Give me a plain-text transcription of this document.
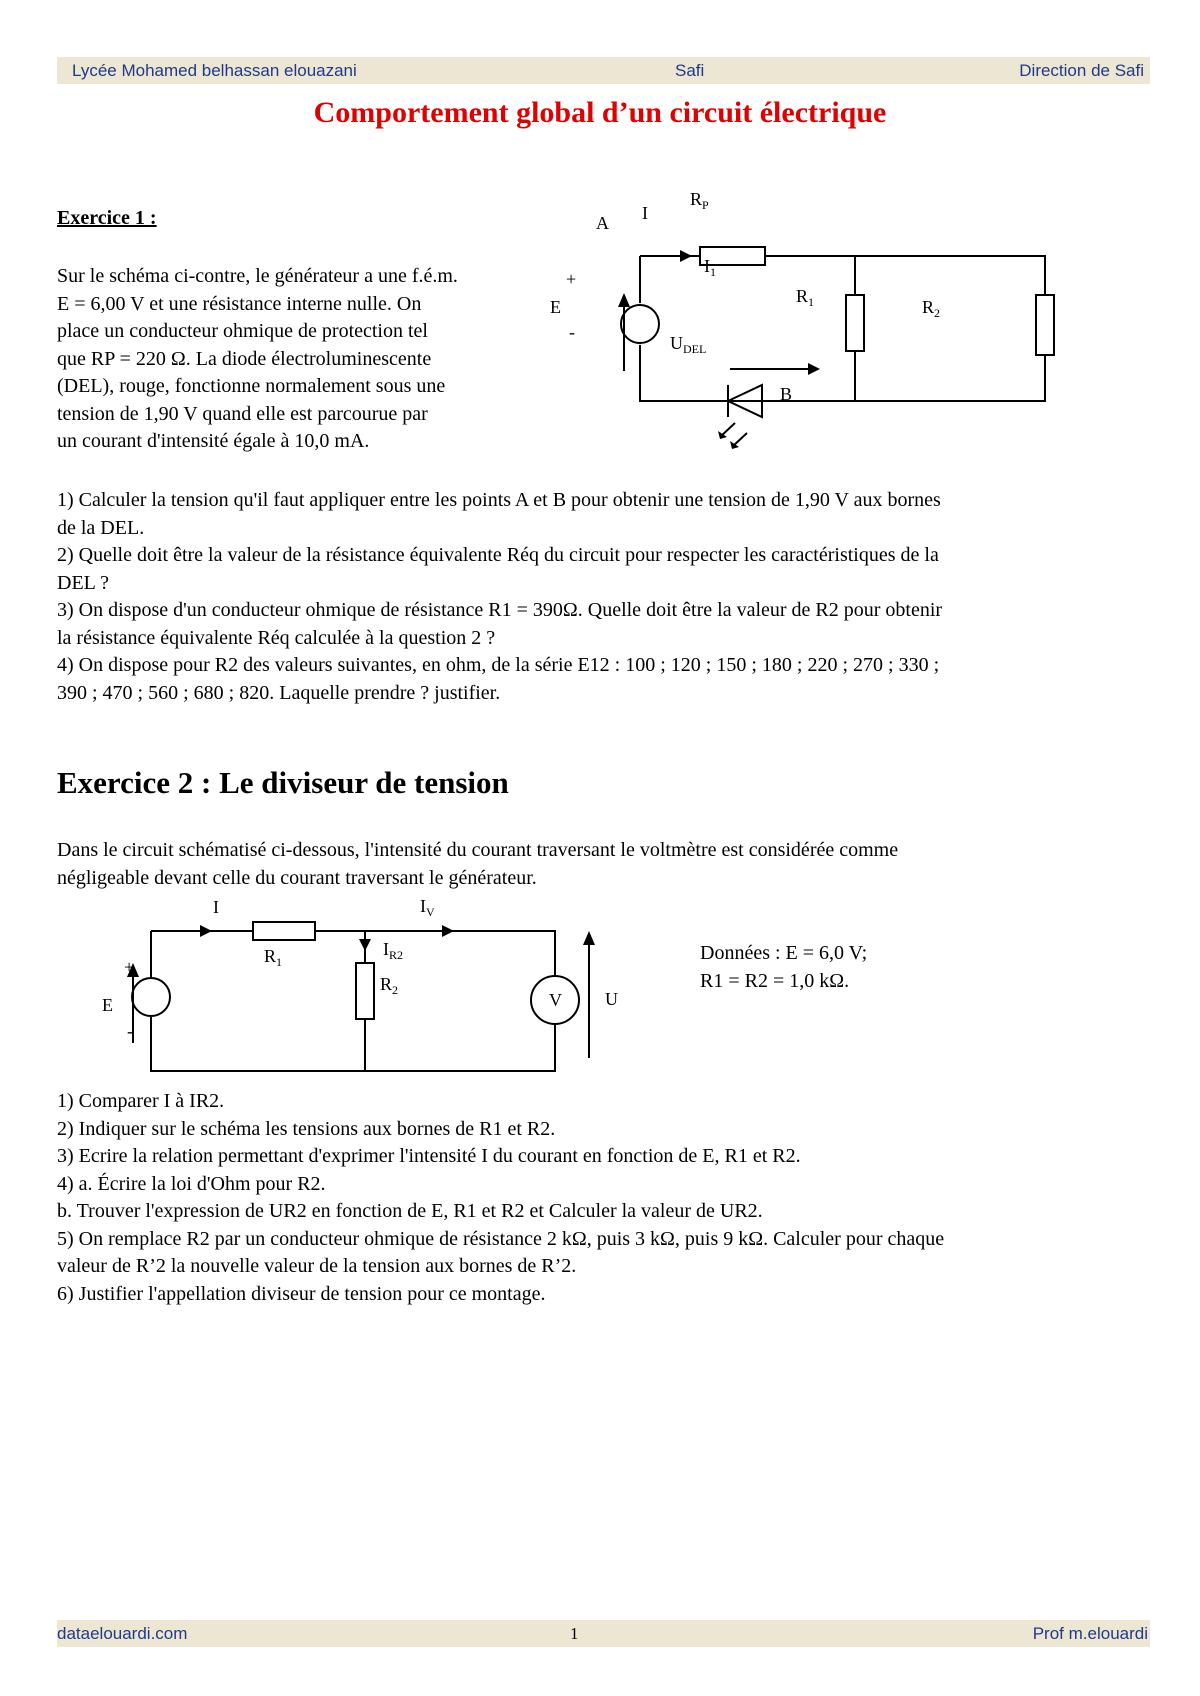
Lycée Mohamed belhassan elouazani	Safi	Direction de Safi
Comportement global d’un circuit électrique
Exercice 1 :
Sur le schéma ci-contre, le générateur a une f.é.m.
E = 6,00 V et une résistance interne nulle. On
place un conducteur ohmique de protection tel
que RP = 220 Ω. La diode électroluminescente
(DEL), rouge, fonctionne normalement sous une
tension de 1,90 V quand elle est parcourue par
un courant d'intensité égale à 10,0 mA.
A
B
I
$R_P$
$I_1$
$R_1$	$R_2$
E
+
-
$U_{DEL}$
1) Calculer la tension qu'il faut appliquer entre les points A et B pour obtenir une tension de 1,90 V aux bornes
de la DEL.
2) Quelle doit être la valeur de la résistance équivalente Réq du circuit pour respecter les caractéristiques de la
DEL ?
3) On dispose d'un conducteur ohmique de résistance R1 = 390Ω. Quelle doit être la valeur de R2 pour obtenir
la résistance équivalente Réq calculée à la question 2 ?
4) On dispose pour R2 des valeurs suivantes, en ohm, de la série E12 : 100 ; 120 ; 150 ; 180 ; 220 ; 270 ; 330 ;
390 ; 470 ; 560 ; 680 ; 820. Laquelle prendre ? justifier.
Exercice 2 : Le diviseur de tension
Dans le circuit schématisé ci-dessous, l'intensité du courant traversant le voltmètre est considérée comme
négligeable devant celle du courant traversant le générateur.
I	$I_V$
$R_1$
$I_{R2}$
$R_2$
E
+
-
V U
Données : E = 6,0 V;
R1 = R2 = 1,0 kΩ.
1) Comparer I à IR2.
2) Indiquer sur le schéma les tensions aux bornes de R1 et R2.
3) Ecrire la relation permettant d'exprimer l'intensité I du courant en fonction de E, R1 et R2.
4) a. Écrire la loi d'Ohm pour R2.
b. Trouver l'expression de UR2 en fonction de E, R1 et R2 et Calculer la valeur de UR2.
5) On remplace R2 par un conducteur ohmique de résistance 2 kΩ, puis 3 kΩ, puis 9 kΩ. Calculer pour chaque
valeur de R’2 la nouvelle valeur de la tension aux bornes de R’2.
6) Justifier l'appellation diviseur de tension pour ce montage.
dataelouardi.com	1	Prof m.elouardi
